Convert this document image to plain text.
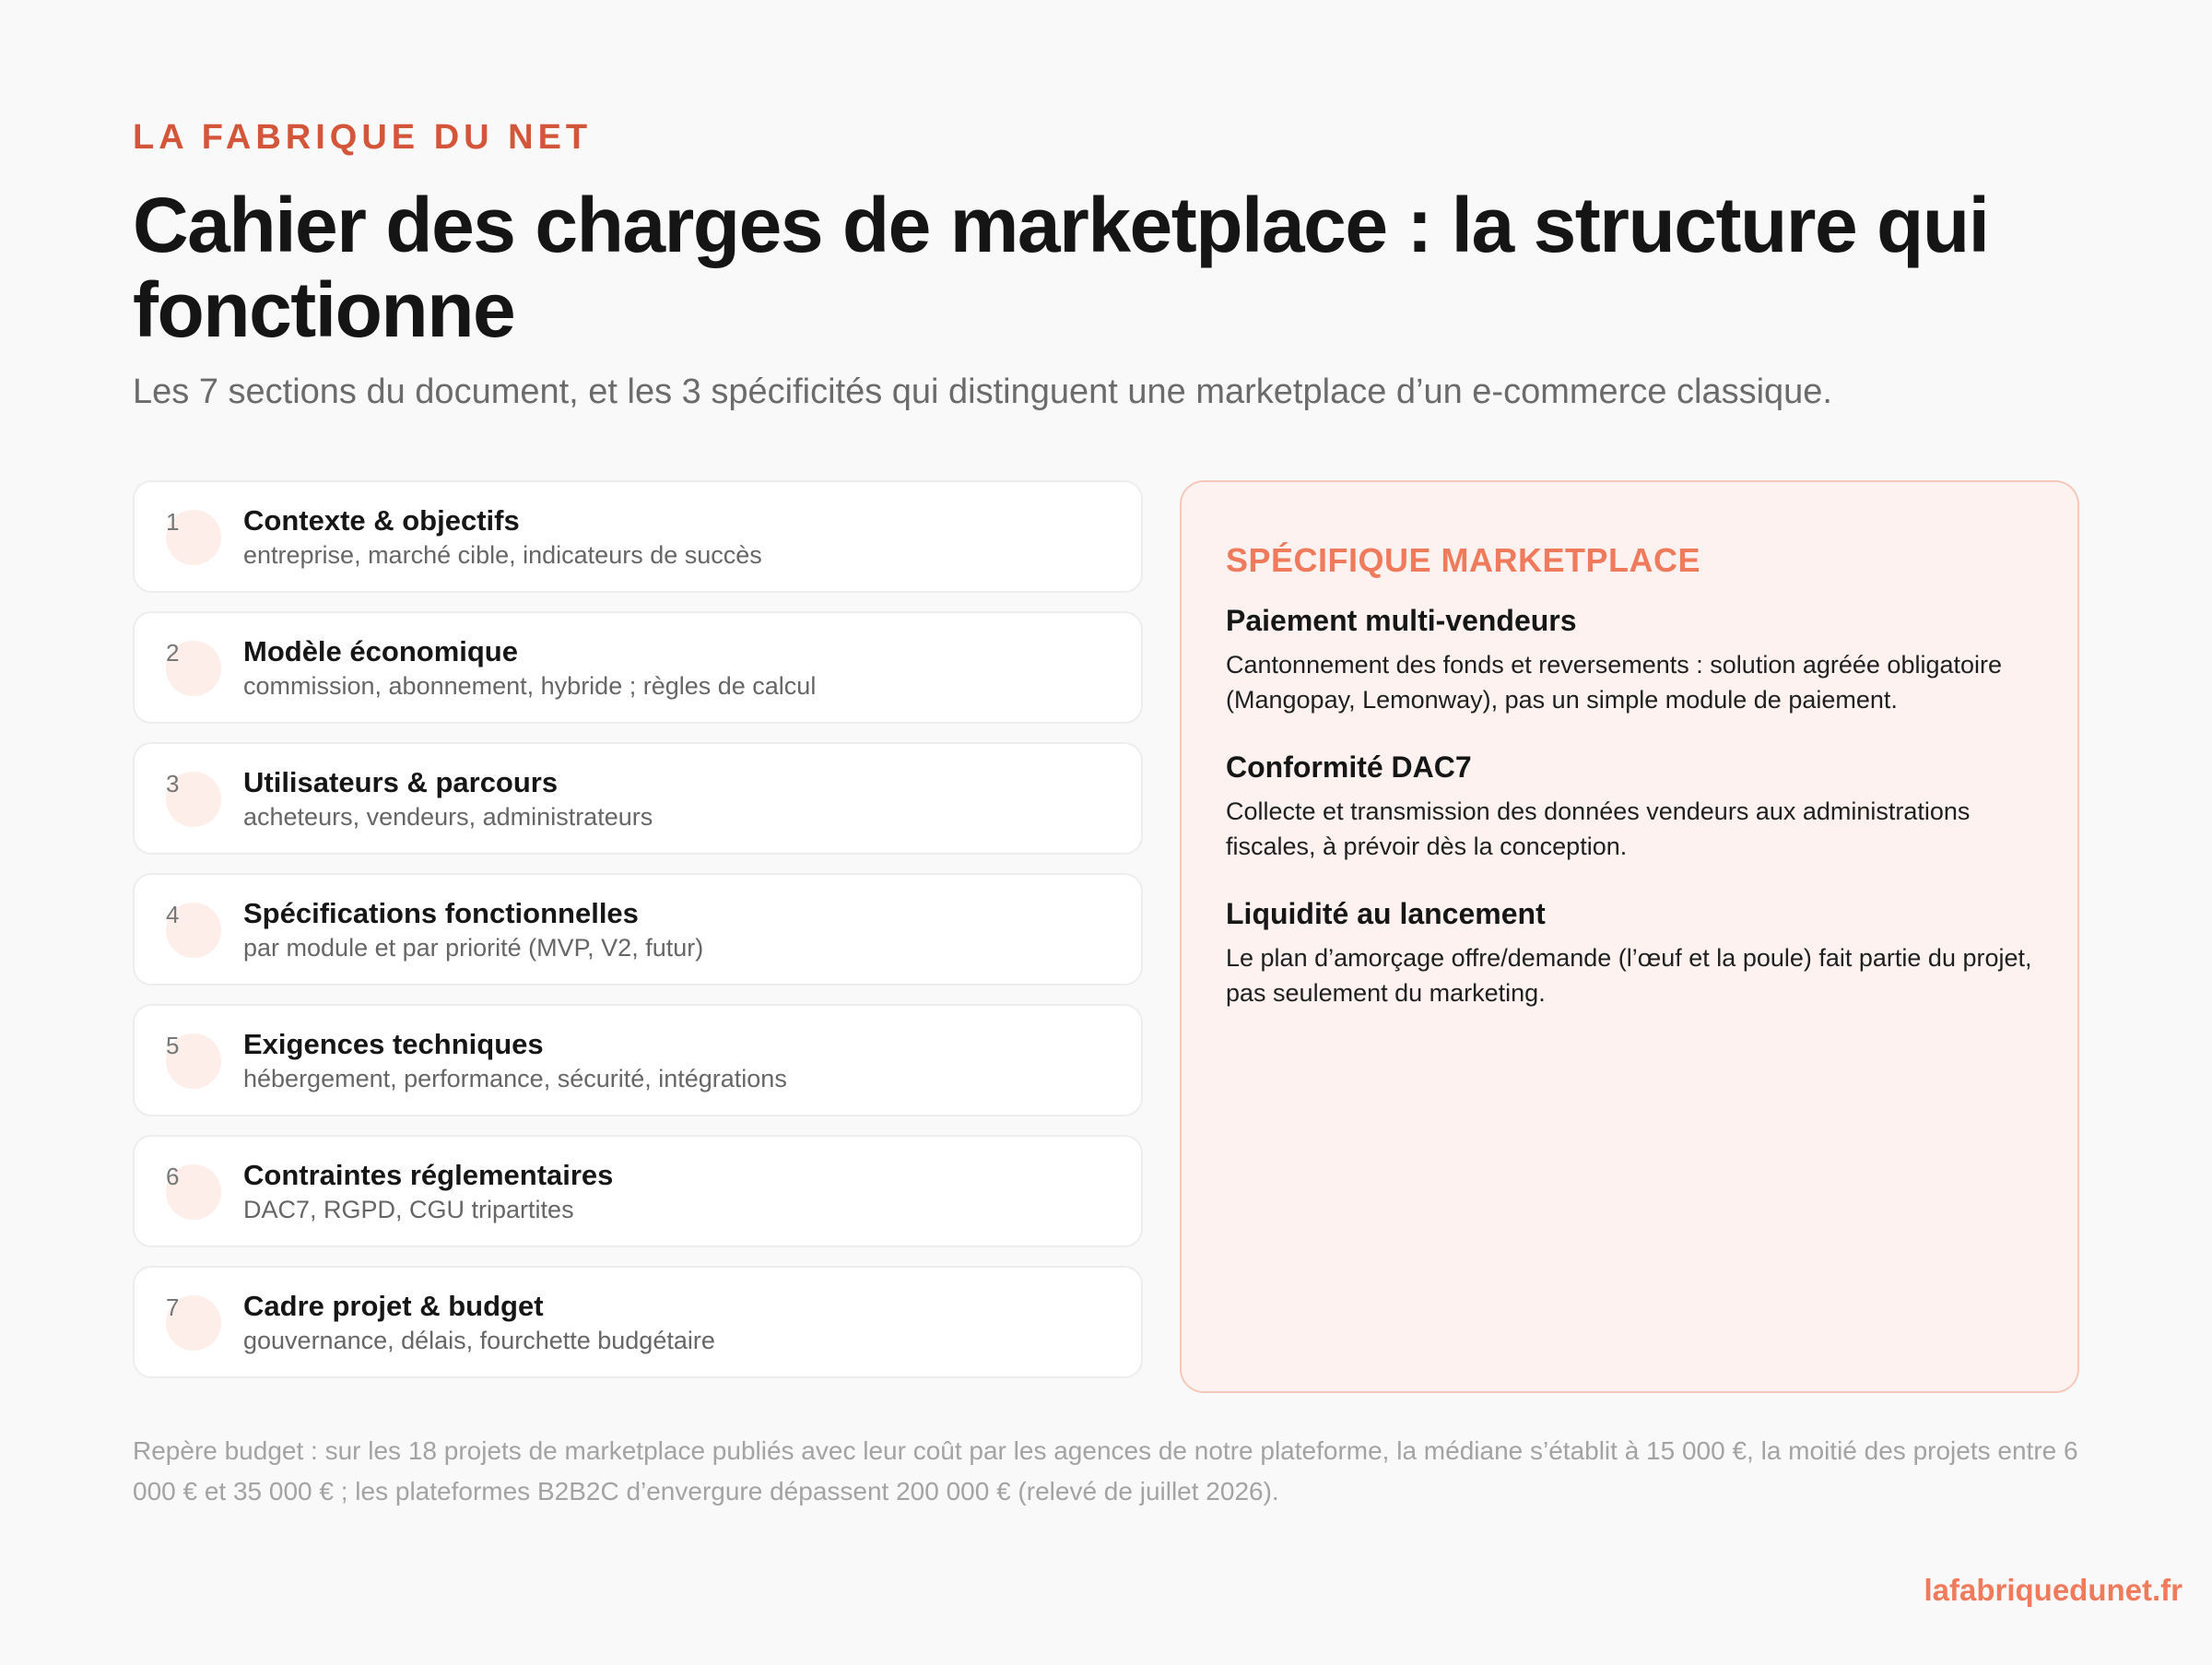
LA FABRIQUE DU NET
Cahier des charges de marketplace : la structure qui fonctionne
Les 7 sections du document, et les 3 spécificités qui distinguent une marketplace d’un e-commerce classique.
1 Contexte & objectifs
entreprise, marché cible, indicateurs de succès
2 Modèle économique
commission, abonnement, hybride ; règles de calcul
3 Utilisateurs & parcours
acheteurs, vendeurs, administrateurs
4 Spécifications fonctionnelles
par module et par priorité (MVP, V2, futur)
5 Exigences techniques
hébergement, performance, sécurité, intégrations
6 Contraintes réglementaires
DAC7, RGPD, CGU tripartites
7 Cadre projet & budget
gouvernance, délais, fourchette budgétaire
SPÉCIFIQUE MARKETPLACE
Paiement multi-vendeurs
Cantonnement des fonds et reversements : solution agréée obligatoire (Mangopay, Lemonway), pas un simple module de paiement.
Conformité DAC7
Collecte et transmission des données vendeurs aux administrations fiscales, à prévoir dès la conception.
Liquidité au lancement
Le plan d’amorçage offre/demande (l’œuf et la poule) fait partie du projet, pas seulement du marketing.
Repère budget : sur les 18 projets de marketplace publiés avec leur coût par les agences de notre plateforme, la médiane s’établit à 15 000 €, la moitié des projets entre 6 000 € et 35 000 € ; les plateformes B2B2C d’envergure dépassent 200 000 € (relevé de juillet 2026).
lafabriquedunet.fr
